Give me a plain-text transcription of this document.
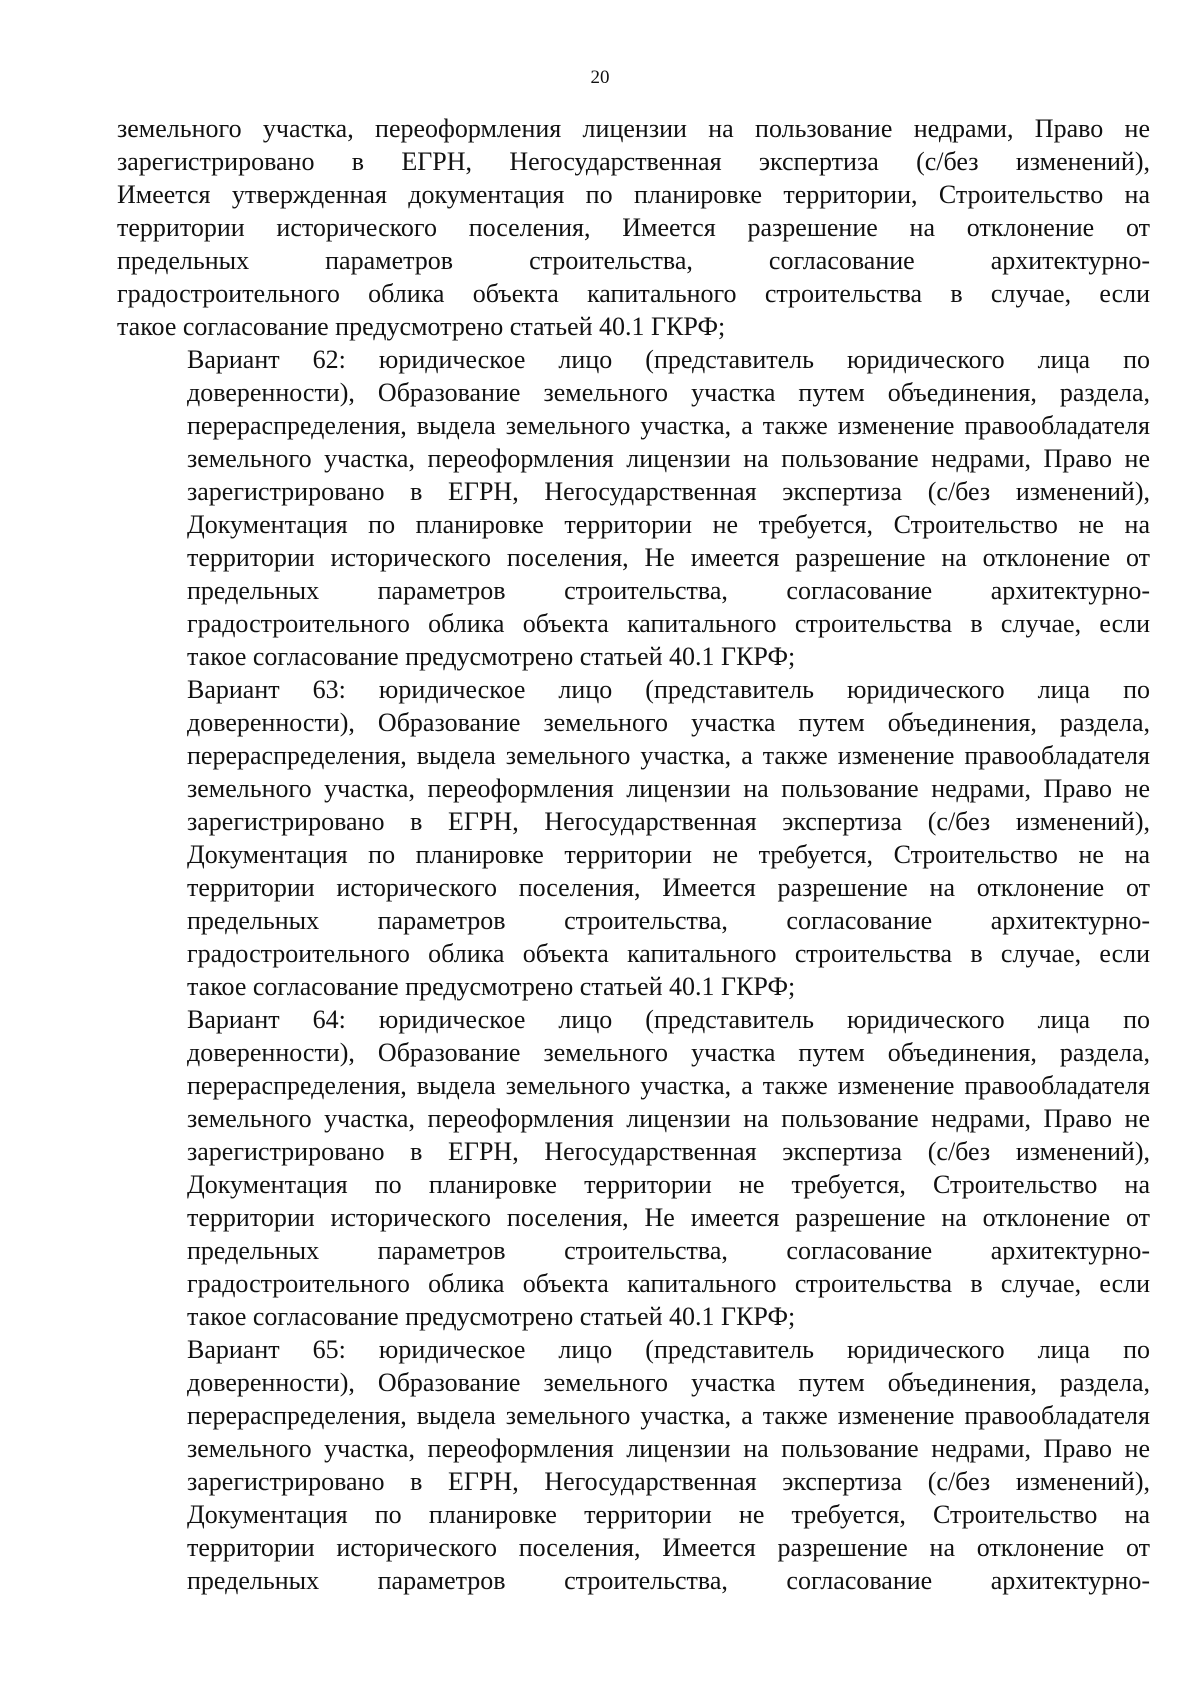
20
земельного участка, переоформления лицензии на пользование недрами, Право не
зарегистрировано в ЕГРН, Негосударственная экспертиза (с/без изменений),
Имеется утвержденная документация по планировке территории, Строительство на
территории исторического поселения, Имеется разрешение на отклонение от
предельных параметров строительства, согласование архитектурно-
градостроительного облика объекта капитального строительства в случае, если
такое согласование предусмотрено статьей 40.1 ГКРФ;
Вариант 62: юридическое лицо (представитель юридического лица по
доверенности), Образование земельного участка путем объединения, раздела,
перераспределения, выдела земельного участка, а также изменение правообладателя
земельного участка, переоформления лицензии на пользование недрами, Право не
зарегистрировано в ЕГРН, Негосударственная экспертиза (с/без изменений),
Документация по планировке территории не требуется, Строительство не на
территории исторического поселения, Не имеется разрешение на отклонение от
предельных параметров строительства, согласование архитектурно-
градостроительного облика объекта капитального строительства в случае, если
такое согласование предусмотрено статьей 40.1 ГКРФ;
Вариант 63: юридическое лицо (представитель юридического лица по
доверенности), Образование земельного участка путем объединения, раздела,
перераспределения, выдела земельного участка, а также изменение правообладателя
земельного участка, переоформления лицензии на пользование недрами, Право не
зарегистрировано в ЕГРН, Негосударственная экспертиза (с/без изменений),
Документация по планировке территории не требуется, Строительство не на
территории исторического поселения, Имеется разрешение на отклонение от
предельных параметров строительства, согласование архитектурно-
градостроительного облика объекта капитального строительства в случае, если
такое согласование предусмотрено статьей 40.1 ГКРФ;
Вариант 64: юридическое лицо (представитель юридического лица по
доверенности), Образование земельного участка путем объединения, раздела,
перераспределения, выдела земельного участка, а также изменение правообладателя
земельного участка, переоформления лицензии на пользование недрами, Право не
зарегистрировано в ЕГРН, Негосударственная экспертиза (с/без изменений),
Документация по планировке территории не требуется, Строительство на
территории исторического поселения, Не имеется разрешение на отклонение от
предельных параметров строительства, согласование архитектурно-
градостроительного облика объекта капитального строительства в случае, если
такое согласование предусмотрено статьей 40.1 ГКРФ;
Вариант 65: юридическое лицо (представитель юридического лица по
доверенности), Образование земельного участка путем объединения, раздела,
перераспределения, выдела земельного участка, а также изменение правообладателя
земельного участка, переоформления лицензии на пользование недрами, Право не
зарегистрировано в ЕГРН, Негосударственная экспертиза (с/без изменений),
Документация по планировке территории не требуется, Строительство на
территории исторического поселения, Имеется разрешение на отклонение от
предельных параметров строительства, согласование архитектурно-
